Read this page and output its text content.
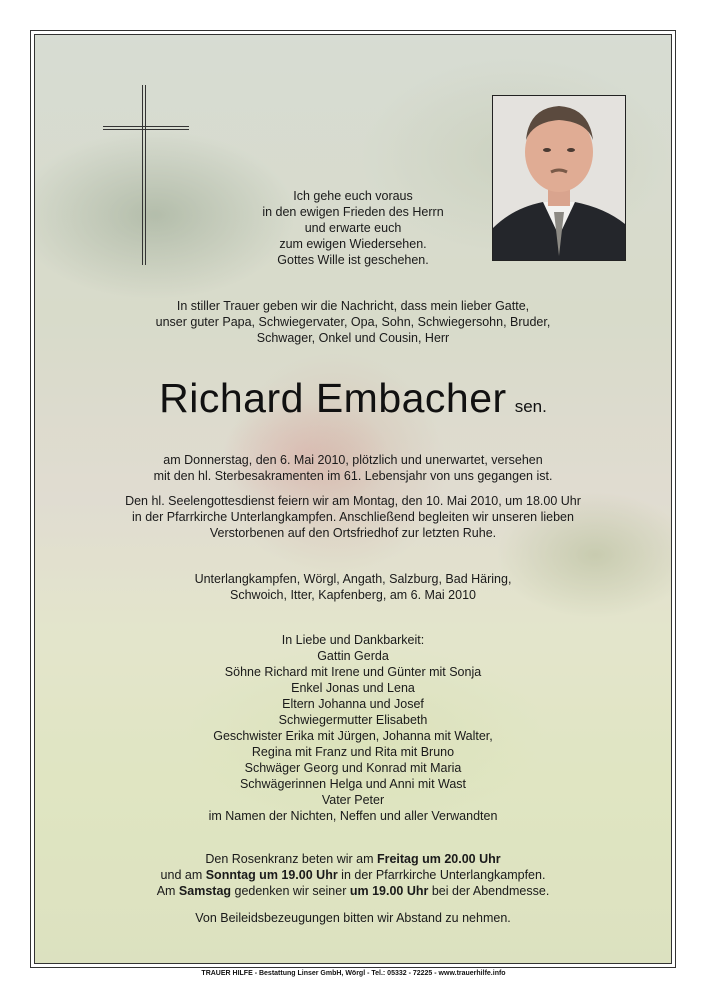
Ich gehe euch voraus
in den ewigen Frieden des Herrn
und erwarte euch
zum ewigen Wiedersehen.
Gottes Wille ist geschehen.
In stiller Trauer geben wir die Nachricht, dass mein lieber Gatte,
unser guter Papa, Schwiegervater, Opa, Sohn, Schwiegersohn, Bruder,
Schwager, Onkel und Cousin, Herr
Richard Embacher sen.
am Donnerstag, den 6. Mai 2010, plötzlich und unerwartet, versehen
mit den hl. Sterbesakramenten im 61. Lebensjahr von uns gegangen ist.
Den hl. Seelengottesdienst feiern wir am Montag, den 10. Mai 2010, um 18.00 Uhr
in der Pfarrkirche Unterlangkampfen. Anschließend begleiten wir unseren lieben
Verstorbenen auf den Ortsfriedhof zur letzten Ruhe.
Unterlangkampfen, Wörgl, Angath, Salzburg, Bad Häring,
Schwoich, Itter, Kapfenberg, am 6. Mai 2010
In Liebe und Dankbarkeit:
Gattin Gerda
Söhne Richard mit Irene und Günter mit Sonja
Enkel Jonas und Lena
Eltern Johanna und Josef
Schwiegermutter Elisabeth
Geschwister Erika mit Jürgen, Johanna mit Walter,
Regina mit Franz und Rita mit Bruno
Schwäger Georg und Konrad mit Maria
Schwägerinnen Helga und Anni mit Wast
Vater Peter
im Namen der Nichten, Neffen und aller Verwandten
Den Rosenkranz beten wir am Freitag um 20.00 Uhr
und am Sonntag um 19.00 Uhr in der Pfarrkirche Unterlangkampfen.
Am Samstag gedenken wir seiner um 19.00 Uhr bei der Abendmesse.
Von Beileidsbezeugungen bitten wir Abstand zu nehmen.
TRAUER HILFE - Bestattung Linser GmbH, Wörgl - Tel.: 05332 - 72225 - www.trauerhilfe.info
